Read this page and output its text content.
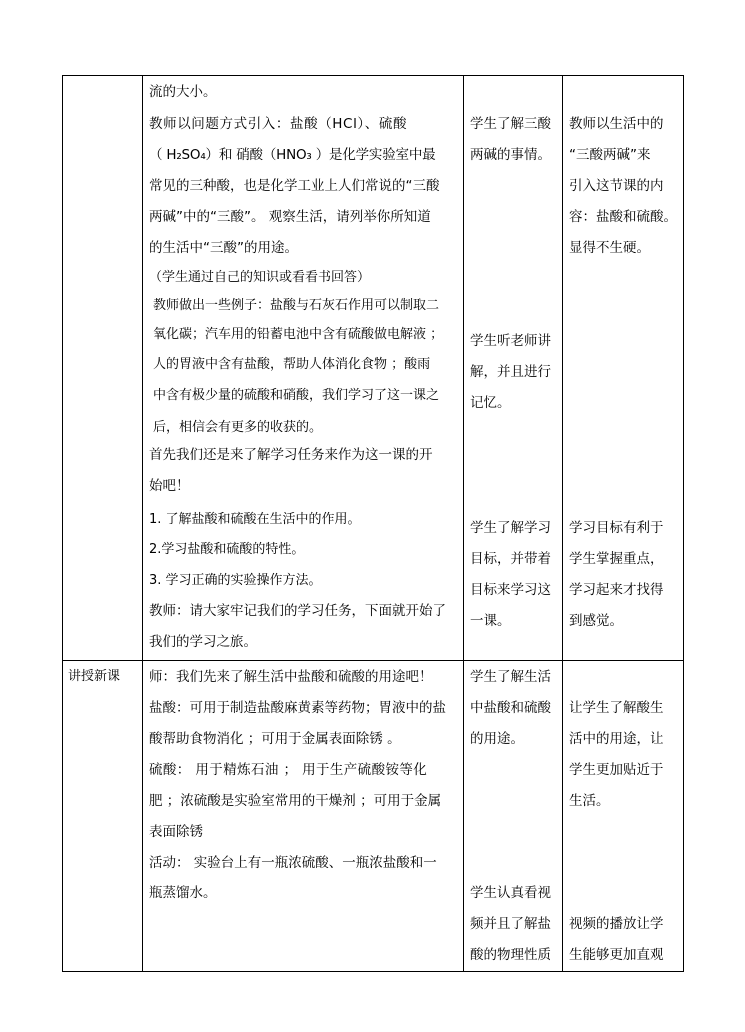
流的大小。
教师以问题方式引入：盐酸（HCl）、硫酸
（ H₂SO₄）和 硝酸（HNO₃ ）是化学实验室中最
常见的三种酸，也是化学工业上人们常说的“三酸
两碱”中的“三酸”。 观察生活，请列举你所知道
的生活中“三酸”的用途。
（学生通过自己的知识或看看书回答）
教师做出一些例子：盐酸与石灰石作用可以制取二
氧化碳；汽车用的铅蓄电池中含有硫酸做电解液 ；
人的胃液中含有盐酸，帮助人体消化食物 ；酸雨
中含有极少量的硫酸和硝酸，我们学习了这一课之
后，相信会有更多的收获的。
首先我们还是来了解学习任务来作为这一课的开
始吧！
1. 了解盐酸和硫酸在生活中的作用。
2.学习盐酸和硫酸的特性。
3. 学习正确的实验操作方法。
教师：请大家牢记我们的学习任务，下面就开始了
我们的学习之旅。
学生了解三酸
两碱的事情。
学生听老师讲
解，并且进行
记忆。
学生了解学习
目标，并带着
目标来学习这
一课。
教师以生活中的
“三酸两碱”来
引入这节课的内
容：盐酸和硫酸。
显得不生硬。
学习目标有利于
学生掌握重点，
学习起来才找得
到感觉。
讲授新课 师：我们先来了解生活中盐酸和硫酸的用途吧！
盐酸：可用于制造盐酸麻黄素等药物；胃液中的盐
酸帮助食物消化 ；可用于金属表面除锈 。
硫酸： 用于精炼石油 ； 用于生产硫酸铵等化
肥 ；浓硫酸是实验室常用的干燥剂 ；可用于金属
表面除锈
活动： 实验台上有一瓶浓硫酸、一瓶浓盐酸和一
瓶蒸馏水。
学生了解生活
中盐酸和硫酸
的用途。
学生认真看视
频并且了解盐
酸的物理性质
让学生了解酸生
活中的用途，让
学生更加贴近于
生活。
视频的播放让学
生能够更加直观
